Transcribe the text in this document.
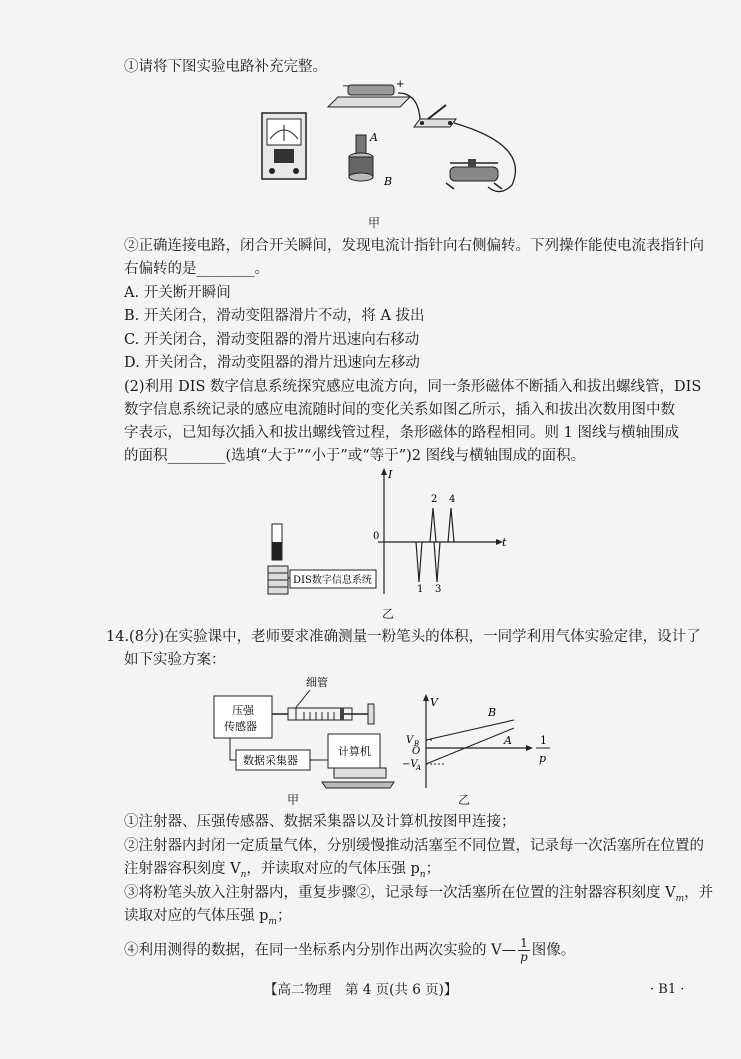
①请将下图实验电路补充完整。
−	+
A
B
甲
②正确连接电路，闭合开关瞬间，发现电流计指针向右侧偏转。下列操作能使电流表指针向
右偏转的是________。
A. 开关断开瞬间
B. 开关闭合，滑动变阻器滑片不动，将 A 拔出
C. 开关闭合，滑动变阻器的滑片迅速向右移动
D. 开关闭合，滑动变阻器的滑片迅速向左移动
(2)利用 DIS 数字信息系统探究感应电流方向，同一条形磁体不断插入和拔出螺线管，DIS
数字信息系统记录的感应电流随时间的变化关系如图乙所示，插入和拔出次数用图中数
字表示，已知每次插入和拔出螺线管过程，条形磁体的路程相同。则 1 图线与横轴围成
的面积________(选填“大于”“小于”或“等于”)2 图线与横轴围成的面积。
DIS数字信息系统
I
t
0
1
2
3
4
乙
14.(8分)在实验课中，老师要求准确测量一粉笔头的体积，一同学利用气体实验定律，设计了
如下实验方案：
细管
压强
传感器
数据采集器
计算机
甲
V
1
p
B
A
V B
O
−V
A
乙
①注射器、压强传感器、数据采集器以及计算机按图甲连接；
②注射器内封闭一定质量气体，分别缓慢推动活塞至不同位置，记录每一次活塞所在位置的
注射器容积刻度 $V_n$，并读取对应的气体压强 $p_n$；
③将粉笔头放入注射器内，重复步骤②，记录每一次活塞所在位置的注射器容积刻度 $V_m$，并
读取对应的气体压强 $p_m$；
④利用测得的数据，在同一坐标系内分别作出两次实验的 V— $\frac{1}{p}$ 图像。
【高二物理　第 4 页(共 6 页)】	· B1 ·
